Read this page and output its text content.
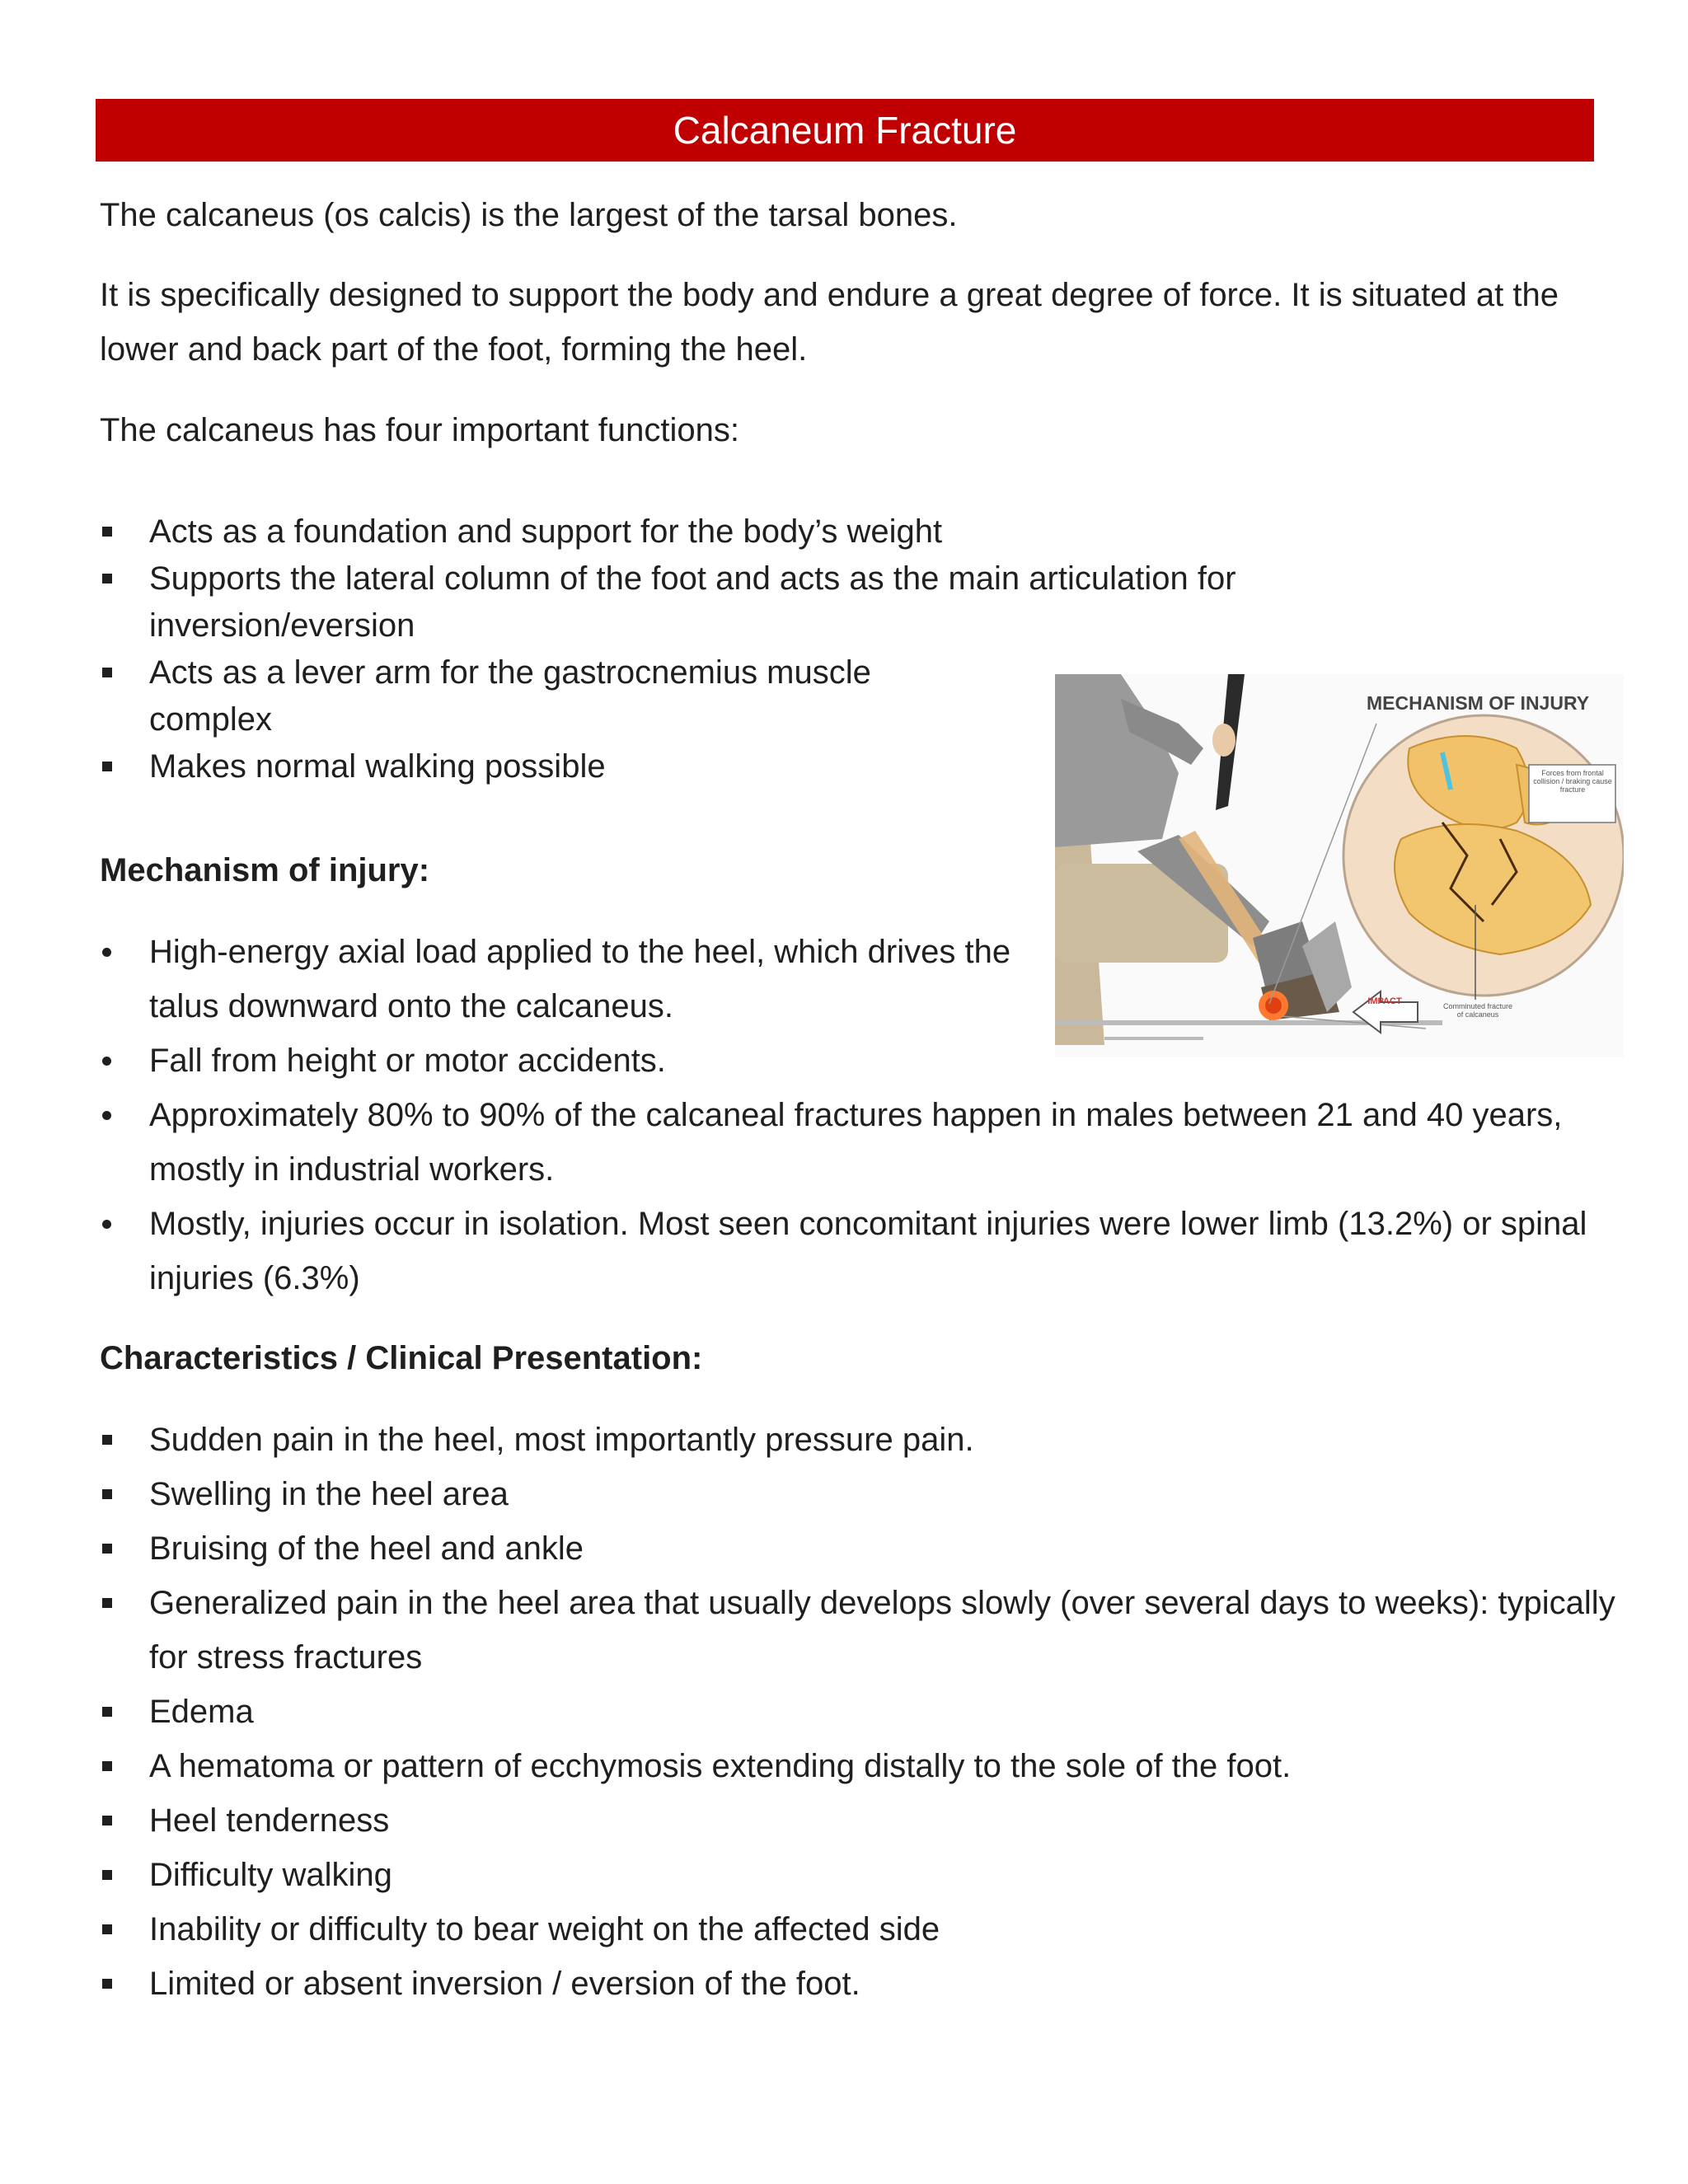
Calcaneum Fracture

The calcaneus (os calcis) is the largest of the tarsal bones.

It is specifically designed to support the body and endure a great degree of force. It is situated at the lower and back part of the foot, forming the heel.

The calcaneus has four important functions:

Acts as a foundation and support for the body’s weight
Supports the lateral column of the foot and acts as the main articulation for inversion/eversion
Acts as a lever arm for the gastrocnemius muscle complex
Makes normal walking possible

Mechanism of injury:

High-energy axial load applied to the heel, which drives the talus downward onto the calcaneus.
Fall from height or motor accidents.
Approximately 80% to 90% of the calcaneal fractures happen in males between 21 and 40 years, mostly in industrial workers.
Mostly, injuries occur in isolation. Most seen concomitant injuries were lower limb (13.2%) or spinal injuries (6.3%)
MECHANISM OF INJURY
IMPACT
Forces from frontal collision / braking cause fracture
Comminuted fracture of calcaneus

Characteristics / Clinical Presentation:

Sudden pain in the heel, most importantly pressure pain.
Swelling in the heel area
Bruising of the heel and ankle
Generalized pain in the heel area that usually develops slowly (over several days to weeks): typically for stress fractures
Edema
A hematoma or pattern of ecchymosis extending distally to the sole of the foot.
Heel tenderness
Difficulty walking
Inability or difficulty to bear weight on the affected side
Limited or absent inversion / eversion of the foot.
